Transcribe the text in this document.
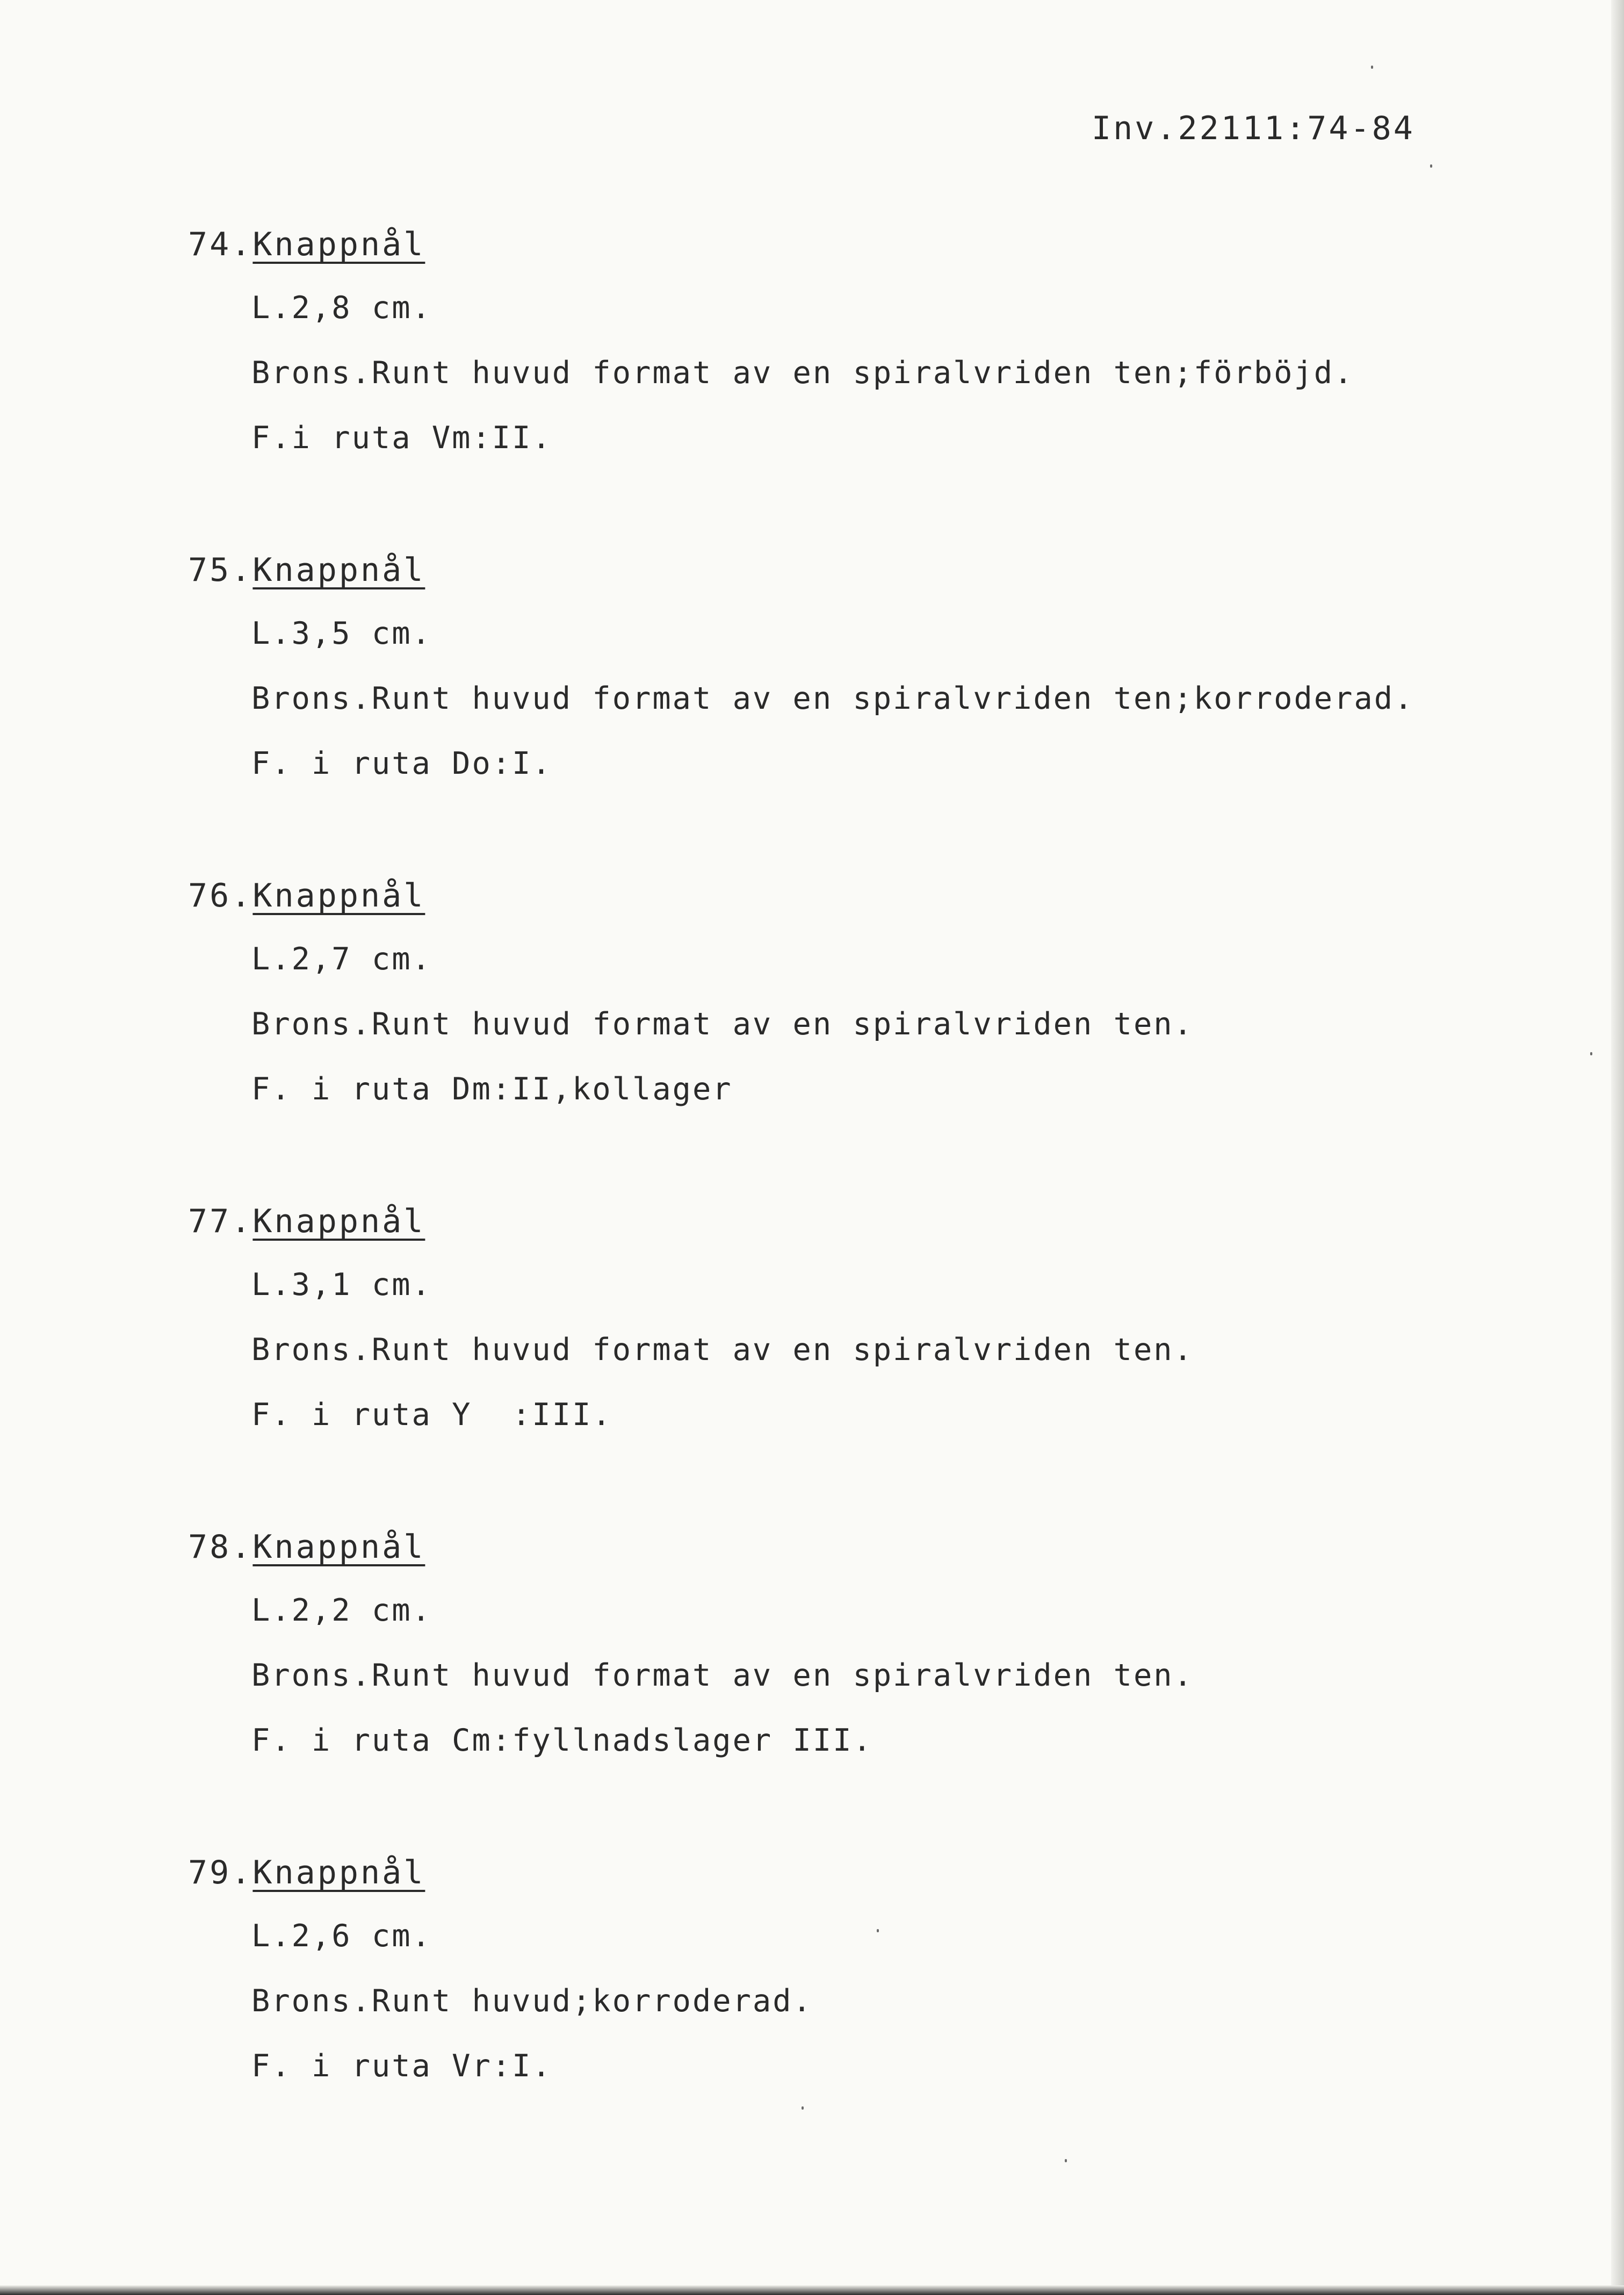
Inv.22111:74-84
74.Knappnål
L.2,8 cm.
Brons.Runt huvud format av en spiralvriden ten;förböjd.
F.i ruta Vm:II.
75.Knappnål
L.3,5 cm.
Brons.Runt huvud format av en spiralvriden ten;korroderad.
F. i ruta Do:I.
76.Knappnål
L.2,7 cm.
Brons.Runt huvud format av en spiralvriden ten.
F. i ruta Dm:II,kollager
77.Knappnål
L.3,1 cm.
Brons.Runt huvud format av en spiralvriden ten.
F. i ruta Y  :III.
78.Knappnål
L.2,2 cm.
Brons.Runt huvud format av en spiralvriden ten.
F. i ruta Cm:fyllnadslager III.
79.Knappnål
L.2,6 cm.
Brons.Runt huvud;korroderad.
F. i ruta Vr:I.
